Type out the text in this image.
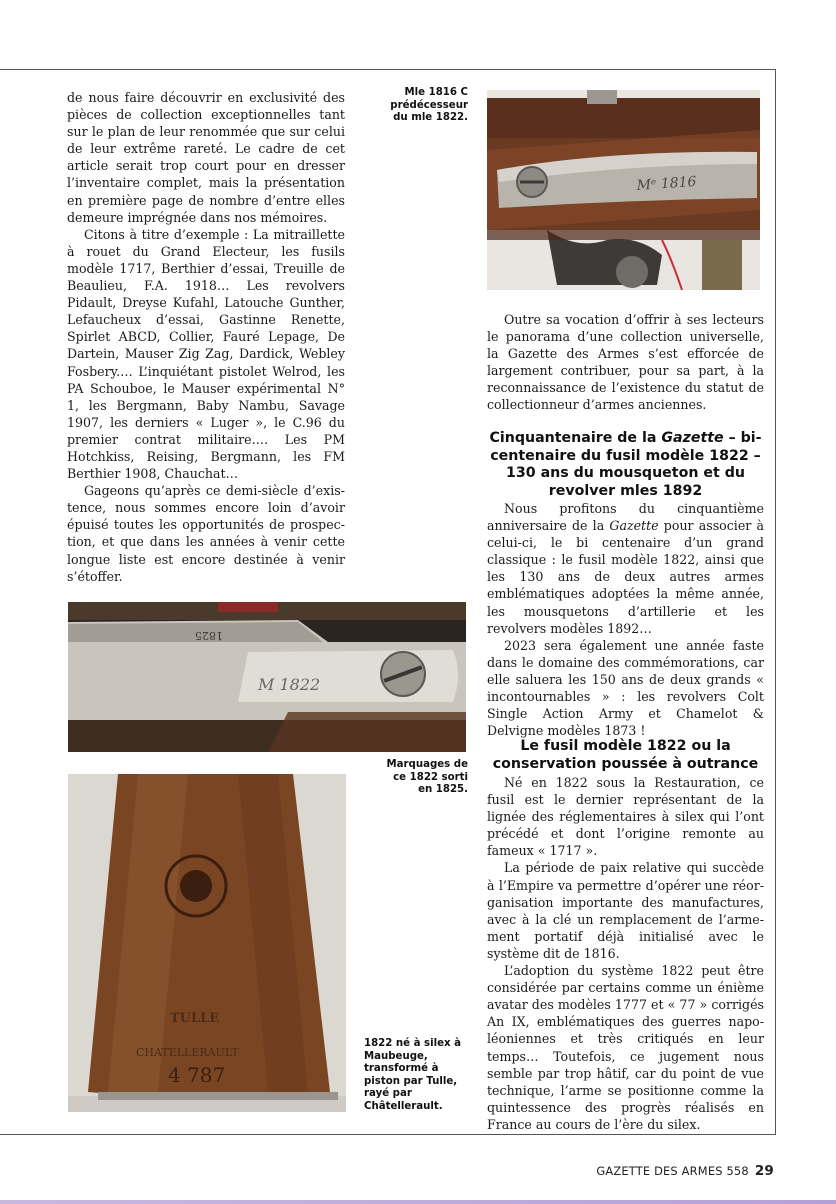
de nous faire découvrir en exclusivité des pièces de collection exceptionnelles tant sur le plan de leur renommée que sur celui de leur extrême rareté. Le cadre de cet article serait trop court pour en dresser l’inventaire complet, mais la présentation en première page de nombre d’entre elles demeure imprégnée dans nos mémoires.

Citons à titre d’exemple : La mitraillette à rouet du Grand Electeur, les fusils modèle 1717, Berthier d’essai, Treuille de Beaulieu, F.A. 1918… Les revolvers Pidault, Dreyse Kufahl, Latouche Gunther, Lefaucheux d’essai, Gastinne Renette, Spirlet ABCD, Collier, Fauré Lepage, De Dartein, Mauser Zig Zag, Dardick, Webley Fosbery.… L’inquiétant pistolet Welrod, les PA Schouboe, le Mauser expérimental N° 1, les Bergmann, Baby Nambu, Savage 1907, les derniers « Luger », le C.96 du premier contrat militaire.… Les PM Hotchkiss, Reising, Bergmann, les FM Berthier 1908, Chauchat…

Gageons qu’après ce demi-siècle d’existence, nous sommes encore loin d’avoir épuisé toutes les opportunités de prospection, et que dans les années à venir cette longue liste est encore destinée à venir s’étoffer.

Mᵉ 1816

Outre sa vocation d’offrir à ses lecteurs le panorama d’une collection universelle, la Gazette des Armes s’est efforcée de largement contribuer, pour sa part, à la reconnaissance de l’existence du statut de collectionneur d’armes anciennes.

Cinquantenaire de la Gazette – bi-centenaire du fusil modèle 1822 – 130 ans du mousqueton et du revolver mles 1892

Nous profitons du cinquantième anniversaire de la Gazette pour associer à celui-ci, le bi centenaire d’un grand classique : le fusil modèle 1822, ainsi que les 130 ans de deux autres armes emblématiques adoptées la même année, les mousquetons d’artillerie et les revolvers modèles 1892…

2023 sera également une année faste dans le domaine des commémorations, car elle saluera les 150 ans de deux grands « incontournables » : les revolvers Colt Single Action Army et Chamelot & Delvigne modèles 1873 !

Le fusil modèle 1822 ou la conservation poussée à outrance

Né en 1822 sous la Restauration, ce fusil est le dernier représentant de la lignée des réglementaires à silex qui l’ont précédé et dont l’origine remonte au fameux « 1717 ».

La période de paix relative qui succède à l’Empire va permettre d’opérer une réorganisation importante des manufactures, avec à la clé un remplacement de l’armement portatif déjà initialisé avec le système dit de 1816.

L’adoption du système 1822 peut être considérée par certains comme un énième avatar des modèles 1777 et « 77 » corrigés An IX, emblématiques des guerres napoléoniennes et très critiqués en leur temps… Toutefois, ce jugement nous semble par trop hâtif, car du point de vue technique, l’arme se positionne comme la quintessence des progrès réalisés en France au cours de l’ère du silex.

1825
M 1822
TULLE
CHATELLERAULT
4 787
Mle 1816 C prédécesseur du mle 1822.
Marquages de ce 1822 sorti en 1825.
1822 né à silex à Maubeuge, transformé à piston par Tulle, rayé par Châtellerault.
GAZETTE DES ARMES 558 29
